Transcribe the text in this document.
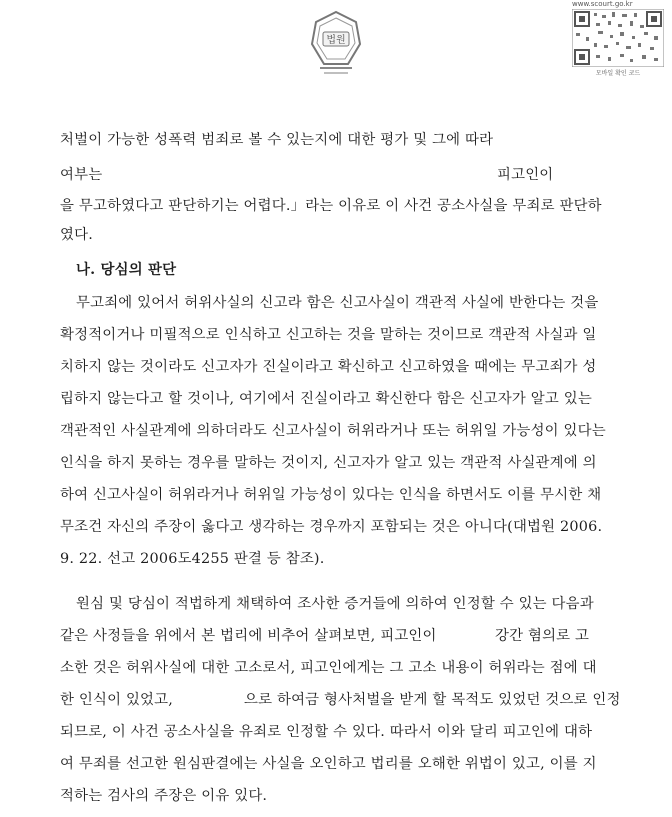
법원
www.scourt.go.kr
모바일 확인 코드
처벌이 가능한 성폭력 범죄로 볼 수 있는지에 대한 평가 및 그에 따라
여부는	피고인이
을 무고하였다고 판단하기는 어렵다.」라는 이유로 이 사건 공소사실을 무죄로 판단하
였다.
나. 당심의 판단
무고죄에 있어서 허위사실의 신고라 함은 신고사실이 객관적 사실에 반한다는 것을
확정적이거나 미필적으로 인식하고 신고하는 것을 말하는 것이므로 객관적 사실과 일
치하지 않는 것이라도 신고자가 진실이라고 확신하고 신고하였을 때에는 무고죄가 성
립하지 않는다고 할 것이나, 여기에서 진실이라고 확신한다 함은 신고자가 알고 있는
객관적인 사실관계에 의하더라도 신고사실이 허위라거나 또는 허위일 가능성이 있다는
인식을 하지 못하는 경우를 말하는 것이지, 신고자가 알고 있는 객관적 사실관계에 의
하여 신고사실이 허위라거나 허위일 가능성이 있다는 인식을 하면서도 이를 무시한 채
무조건 자신의 주장이 옳다고 생각하는 경우까지 포함되는 것은 아니다(대법원 2006.
9. 22. 선고 2006도4255 판결 등 참조).
원심 및 당심이 적법하게 채택하여 조사한 증거들에 의하여 인정할 수 있는 다음과
같은 사정들을 위에서 본 법리에 비추어 살펴보면, 피고인이	강간 혐의로 고
소한 것은 허위사실에 대한 고소로서, 피고인에게는 그 고소 내용이 허위라는 점에 대
한 인식이 있었고,	으로 하여금 형사처벌을 받게 할 목적도 있었던 것으로 인정
되므로, 이 사건 공소사실을 유죄로 인정할 수 있다. 따라서 이와 달리 피고인에 대하
여 무죄를 선고한 원심판결에는 사실을 오인하고 법리를 오해한 위법이 있고, 이를 지
적하는 검사의 주장은 이유 있다.
